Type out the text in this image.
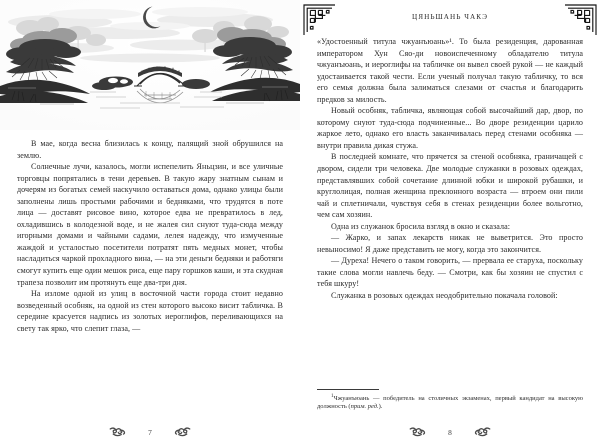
В мае, когда весна близилась к концу, палящий зной обрушился на землю.

Солнечные лучи, казалось, могли испепелить Яньцзин, и все уличные торговцы попрятались в тени деревьев. В такую жару знатным сынам и дочерям из богатых семей наскучило оставаться дома, однако улицы были заполнены лишь простыми рабочими и бедняками, что трудятся в поте лица — доставят рисовое вино, которое едва не превратилось в лед, охладившись в колодезной воде, и не жалея сил снуют туда-сюда между игорными домами и чайными садами, лелея надежду, что измученные жаждой и усталостью посетители потратят пять медных монет, чтобы насладиться чаркой прохладного вина, — на эти деньги бедняки и работяги смогут купить еще один мешок риса, еще пару горшков каши, и эта скудная трапеза позволит им протянуть еще два-три дня.

На изломе одной из улиц в восточной части города стоит недавно возведенный особняк, на одной из стен которого высоко висит табличка. В середине красуется надпись из золотых иероглифов, переливающихся на свету так ярко, что слепит глаза, —

7
ЦЯНЬШАНЬ ЧАКЭ

«Удостоенный титула чжуанъюань»¹. То была резиденция, дарованная императором Хун Сяо-ди новоиспеченному обладателю титула чжуанъюань, и иероглифы на табличке он вывел своей рукой — не каждый удостаивается такой чести. Если ученый получал такую табличку, то вся его семья должна была залиматься слезами от счастья и благодарить предков за милость.

Новый особняк, табличка, являющая собой высочайший дар, двор, по которому снуют туда-сюда подчиненные... Во дворе резиденции царило жаркое лето, однако его власть заканчивалась перед стенами особняка — внутри правила дикая стужа.

В последней комнате, что прячется за стеной особняка, граничащей с двором, сидели три человека. Две молодые служанки в розовых одеждах, представлявших собой сочетание длинной юбки и широкой рубашки, и круглолицая, полная женщина преклонного возраста — втроем они пили чай и сплетничали, чувствуя себя в стенах резиденции более вольготно, чем сам хозяин.

Одна из служанок бросила взгляд в окно и сказала:

— Жарко, и запах лекарств никак не выветрится. Это просто невыносимо! Я даже представить не могу, когда это закончится.

— Дуреха! Нечего о таком говорить, — прервала ее старуха, поскольку такие слова могли навлечь беду. — Смотри, как бы хозяин не спустил с тебя шкуру!

Служанка в розовых одеждах неодобрительно покачала головой:

$^1$Чжуанъюань — победитель на столичных экзаменах, первый кандидат на высокую должность (прим. ред.).
8
